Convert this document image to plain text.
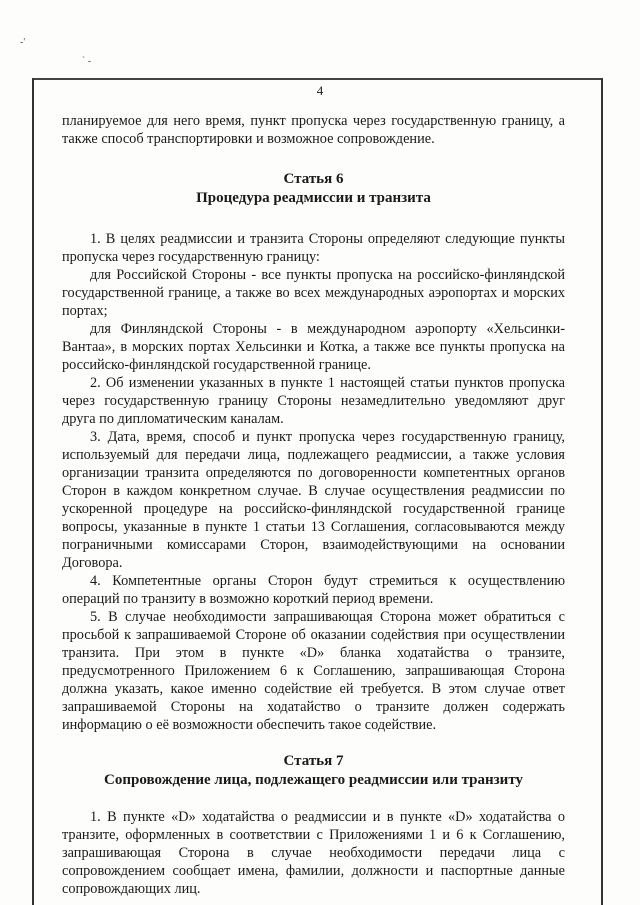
-'
` -
4

планируемое для него время, пункт пропуска через государственную границу, а также способ транспортировки и возможное сопровождение.

Статья 6

Процедура реадмиссии и транзита

1. В целях реадмиссии и транзита Стороны определяют следующие пункты пропуска через государственную границу:

для Российской Стороны - все пункты пропуска на российско-финляндской государственной границе, а также во всех международных аэропортах и морских портах;

для Финляндской Стороны - в международном аэропорту «Хельсинки-Вантаа», в морских портах Хельсинки и Котка, а также все пункты пропуска на российско-финляндской государственной границе.

2. Об изменении указанных в пункте 1 настоящей статьи пунктов пропуска через государственную границу Стороны незамедлительно уведомляют друг друга по дипломатическим каналам.

3. Дата, время, способ и пункт пропуска через государственную границу, используемый для передачи лица, подлежащего реадмиссии, а также условия организации транзита определяются по договоренности компетентных органов Сторон в каждом конкретном случае. В случае осуществления реадмиссии по ускоренной процедуре на российско-финляндской государственной границе вопросы, указанные в пункте 1 статьи 13 Соглашения, согласовываются между пограничными комиссарами Сторон, взаимодействующими на основании Договора.

4. Компетентные органы Сторон будут стремиться к осуществлению операций по транзиту в возможно короткий период времени.

5. В случае необходимости запрашивающая Сторона может обратиться с просьбой к запрашиваемой Стороне об оказании содействия при осуществлении транзита. При этом в пункте «D» бланка ходатайства о транзите, предусмотренного Приложением 6 к Соглашению, запрашивающая Сторона должна указать, какое именно содействие ей требуется. В этом случае ответ запрашиваемой Стороны на ходатайство о транзите должен содержать информацию о её возможности обеспечить такое содействие.

Статья 7

Сопровождение лица, подлежащего реадмиссии или транзиту

1. В пункте «D» ходатайства о реадмиссии и в пункте «D» ходатайства о транзите, оформленных в соответствии с Приложениями 1 и 6 к Соглашению, запрашивающая Сторона в случае необходимости передачи лица с сопровождением сообщает имена, фамилии, должности и паспортные данные сопровождающих лиц.
